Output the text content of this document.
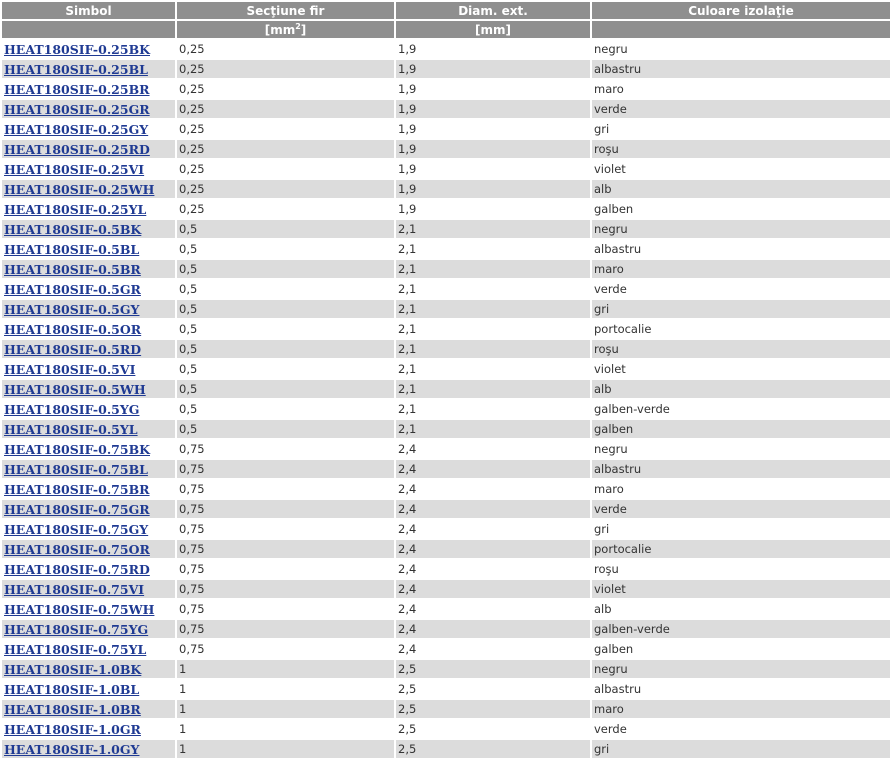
Simbol	Secţiune fir	Diam. ext.	Culoare izolaţie
	$[mm^2]$	[mm]	
HEAT180SIF-0.25BK	0,25	1,9	negru
HEAT180SIF-0.25BL	0,25	1,9	albastru
HEAT180SIF-0.25BR	0,25	1,9	maro
HEAT180SIF-0.25GR	0,25	1,9	verde
HEAT180SIF-0.25GY	0,25	1,9	gri
HEAT180SIF-0.25RD	0,25	1,9	roşu
HEAT180SIF-0.25VI	0,25	1,9	violet
HEAT180SIF-0.25WH	0,25	1,9	alb
HEAT180SIF-0.25YL	0,25	1,9	galben
HEAT180SIF-0.5BK	0,5	2,1	negru
HEAT180SIF-0.5BL	0,5	2,1	albastru
HEAT180SIF-0.5BR	0,5	2,1	maro
HEAT180SIF-0.5GR	0,5	2,1	verde
HEAT180SIF-0.5GY	0,5	2,1	gri
HEAT180SIF-0.5OR	0,5	2,1	portocalie
HEAT180SIF-0.5RD	0,5	2,1	roşu
HEAT180SIF-0.5VI	0,5	2,1	violet
HEAT180SIF-0.5WH	0,5	2,1	alb
HEAT180SIF-0.5YG	0,5	2,1	galben-verde
HEAT180SIF-0.5YL	0,5	2,1	galben
HEAT180SIF-0.75BK	0,75	2,4	negru
HEAT180SIF-0.75BL	0,75	2,4	albastru
HEAT180SIF-0.75BR	0,75	2,4	maro
HEAT180SIF-0.75GR	0,75	2,4	verde
HEAT180SIF-0.75GY	0,75	2,4	gri
HEAT180SIF-0.75OR	0,75	2,4	portocalie
HEAT180SIF-0.75RD	0,75	2,4	roşu
HEAT180SIF-0.75VI	0,75	2,4	violet
HEAT180SIF-0.75WH	0,75	2,4	alb
HEAT180SIF-0.75YG	0,75	2,4	galben-verde
HEAT180SIF-0.75YL	0,75	2,4	galben
HEAT180SIF-1.0BK	1	2,5	negru
HEAT180SIF-1.0BL	1	2,5	albastru
HEAT180SIF-1.0BR	1	2,5	maro
HEAT180SIF-1.0GR	1	2,5	verde
HEAT180SIF-1.0GY	1	2,5	gri
